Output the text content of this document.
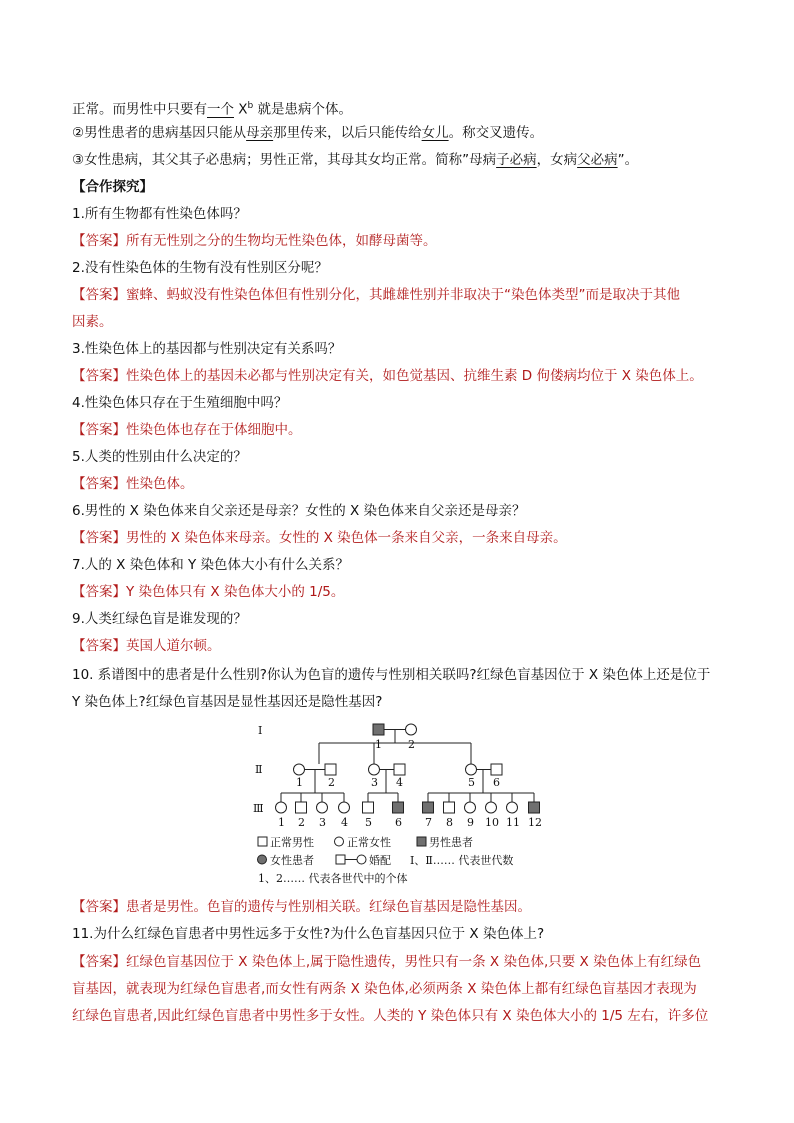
正常。而男性中只要有一个 $X^b$ 就是患病个体。
②男性患者的患病基因只能从母亲那里传来，以后只能传给女儿。称交叉遗传。
③女性患病，其父其子必患病；男性正常，其母其女均正常。简称”母病子必病，女病父必病”。
【合作探究】
1.所有生物都有性染色体吗？
【答案】所有无性别之分的生物均无性染色体，如酵母菌等。
2.没有性染色体的生物有没有性别区分呢？
【答案】蜜蜂、蚂蚁没有性染色体但有性别分化，其雌雄性别并非取决于“染色体类型”而是取决于其他
因素。
3.性染色体上的基因都与性别决定有关系吗？
【答案】性染色体上的基因未必都与性别决定有关，如色觉基因、抗维生素 D 佝偻病均位于 X 染色体上。
4.性染色体只存在于生殖细胞中吗？
【答案】性染色体也存在于体细胞中。
5.人类的性别由什么决定的？
【答案】性染色体。
6.男性的 X 染色体来自父亲还是母亲？女性的 X 染色体来自父亲还是母亲？
【答案】男性的 X 染色体来母亲。女性的 X 染色体一条来自父亲，一条来自母亲。
7.人的 X 染色体和 Y 染色体大小有什么关系？
【答案】Y 染色体只有 X 染色体大小的 1/5。
9.人类红绿色盲是谁发现的？
【答案】英国人道尔顿。
10. 系谱图中的患者是什么性别?你认为色盲的遗传与性别相关联吗?红绿色盲基因位于 X 染色体上还是位于
Y 染色体上?红绿色盲基因是显性基因还是隐性基因?
Ⅰ
Ⅱ
Ⅲ
1 2
1 2	3 4	5 6
1 2 3 4 5 6 7 8 9 10 11 12
正常男性	正常女性	男性患者
女性患者	婚配 Ⅰ、Ⅱ…… 代表世代数
1、2…… 代表各世代中的个体
【答案】患者是男性。色盲的遗传与性别相关联。红绿色盲基因是隐性基因。
11.为什么红绿色盲患者中男性远多于女性?为什么色盲基因只位于 X 染色体上?
【答案】红绿色盲基因位于 X 染色体上,属于隐性遗传，男性只有一条 X 染色体,只要 X 染色体上有红绿色
盲基因，就表现为红绿色盲患者,而女性有两条 X 染色体,必须两条 X 染色体上都有红绿色盲基因才表现为
红绿色盲患者,因此红绿色盲患者中男性多于女性。人类的 Y 染色体只有 X 染色体大小的 1/5 左右，许多位
